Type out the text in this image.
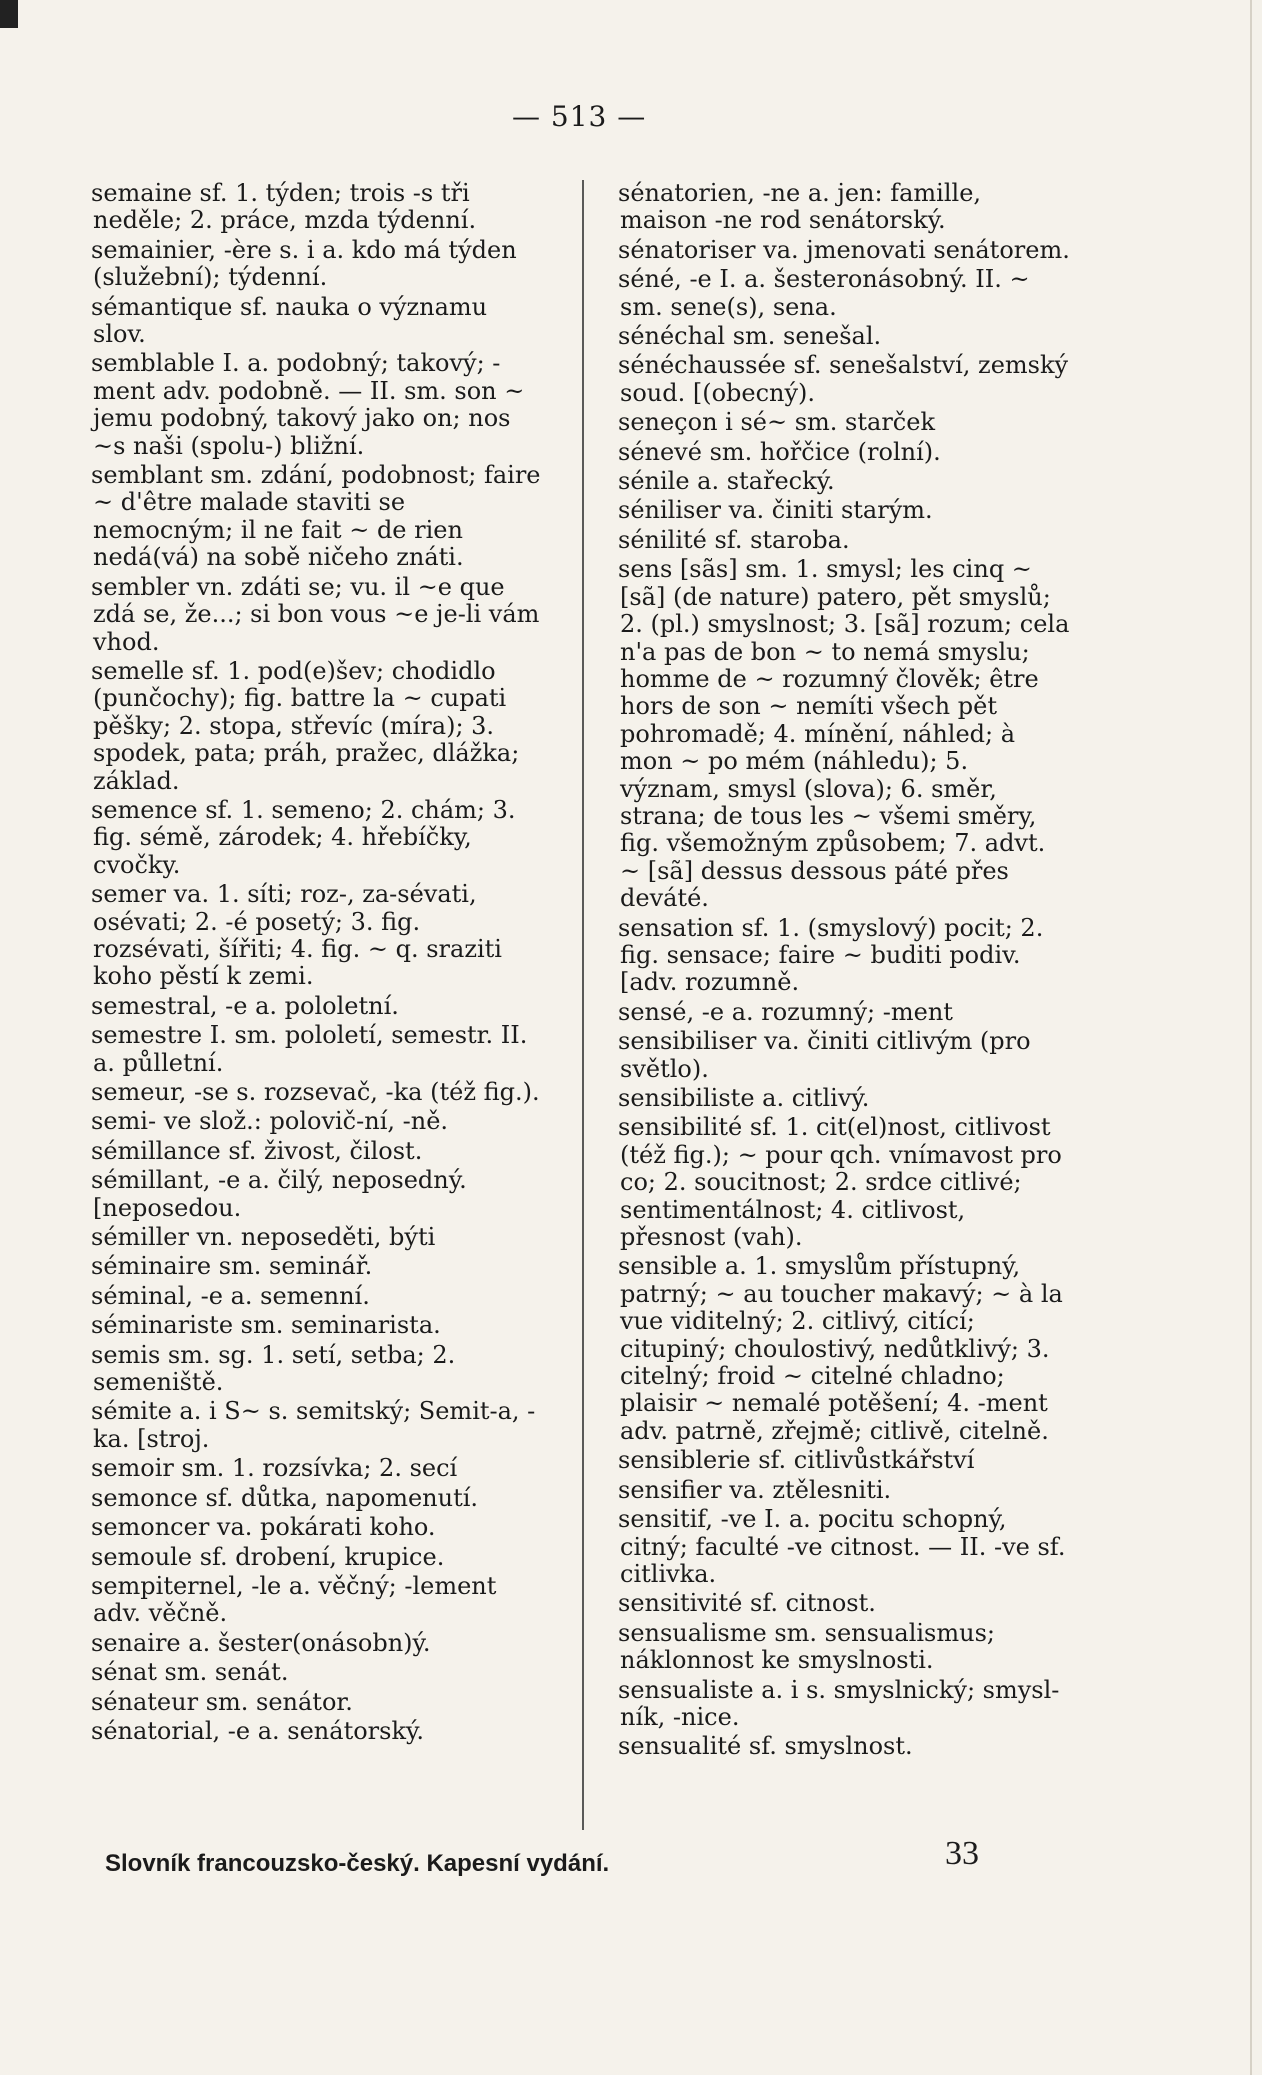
— 513 —

semaine sf. 1. týden; trois -s tři neděle; 2. práce, mzda týdenní.

semainier, -ère s. i a. kdo má týden (služební); týdenní.

sémantique sf. nauka o významu slov.

semblable I. a. podobný; takový; -ment adv. podobně. — II. sm. son ~ jemu podobný, takový jako on; nos ~s naši (spolu-) bližní.

semblant sm. zdání, podobnost; faire ~ d'être malade staviti se nemocným; il ne fait ~ de rien nedá(vá) na sobě ničeho znáti.

sembler vn. zdáti se; vu. il ~e que zdá se, že...; si bon vous ~e je-li vám vhod.

semelle sf. 1. pod(e)šev; chodidlo (punčochy); fig. battre la ~ cupati pěšky; 2. stopa, střevíc (míra); 3. spodek, pata; práh, pražec, dlážka; základ.

semence sf. 1. semeno; 2. chám; 3. fig. sémě, zárodek; 4. hřebíčky, cvočky.

semer va. 1. síti; roz-, za-sévati, osévati; 2. -é posetý; 3. fig. rozsévati, šířiti; 4. fig. ~ q. sraziti koho pěstí k zemi.

semestral, -e a. pololetní.

semestre I. sm. pololetí, semestr. II. a. půlletní.

semeur, -se s. rozsevač, -ka (též fig.).

semi- ve slož.: polovič-ní, -ně.

sémillance sf. živost, čilost.

sémillant, -e a. čilý, neposedný. [neposedou.

sémiller vn. neposeděti, býti

séminaire sm. seminář.

séminal, -e a. semenní.

séminariste sm. seminarista.

semis sm. sg. 1. setí, setba; 2. semeniště.

sémite a. i S~ s. semitský; Semit-a, -ka. [stroj.

semoir sm. 1. rozsívka; 2. secí

semonce sf. důtka, napomenutí.

semoncer va. pokárati koho.

semoule sf. drobení, krupice.

sempiternel, -le a. věčný; -lement adv. věčně.

senaire a. šester(onásobn)ý.

sénat sm. senát.

sénateur sm. senátor.

sénatorial, -e a. senátorský.

sénatorien, -ne a. jen: famille, maison -ne rod senátorský.

sénatoriser va. jmenovati senátorem.

séné, -e I. a. šesteronásobný. II. ~ sm. sene(s), sena.

sénéchal sm. senešal.

sénéchaussée sf. senešalství, zemský soud. [(obecný).

seneçon i sé~ sm. starček

sénevé sm. hořčice (rolní).

sénile a. stařecký.

séniliser va. činiti starým.

sénilité sf. staroba.

sens [sãs] sm. 1. smysl; les cinq ~ [sã] (de nature) patero, pět smyslů; 2. (pl.) smyslnost; 3. [sã] rozum; cela n'a pas de bon ~ to nemá smyslu; homme de ~ rozumný člověk; être hors de son ~ nemíti všech pět pohromadě; 4. mínění, náhled; à mon ~ po mém (náhledu); 5. význam, smysl (slova); 6. směr, strana; de tous les ~ všemi směry, fig. všemožným způsobem; 7. advt. ~ [sã] dessus dessous páté přes deváté.

sensation sf. 1. (smyslový) pocit; 2. fig. sensace; faire ~ buditi podiv. [adv. rozumně.

sensé, -e a. rozumný; -ment

sensibiliser va. činiti citlivým (pro světlo).

sensibiliste a. citlivý.

sensibilité sf. 1. cit(el)nost, citlivost (též fig.); ~ pour qch. vnímavost pro co; 2. soucitnost; 2. srdce citlivé; sentimentálnost; 4. citlivost, přesnost (vah).

sensible a. 1. smyslům přístupný, patrný; ~ au toucher makavý; ~ à la vue viditelný; 2. citlivý, citící; citupiný; choulostivý, nedůtklivý; 3. citelný; froid ~ citelné chladno; plaisir ~ nemalé potěšení; 4. -ment adv. patrně, zřejmě; citlivě, citelně.

sensiblerie sf. citlivůstkářství

sensifier va. ztělesniti.

sensitif, -ve I. a. pocitu schopný, citný; faculté -ve citnost. — II. -ve sf. citlivka.

sensitivité sf. citnost.

sensualisme sm. sensualismus; náklonnost ke smyslnosti.

sensualiste a. i s. smyslnický; smysl-ník, -nice.

sensualité sf. smyslnost.

Slovník francouzsko-český. Kapesní vydání.	33
